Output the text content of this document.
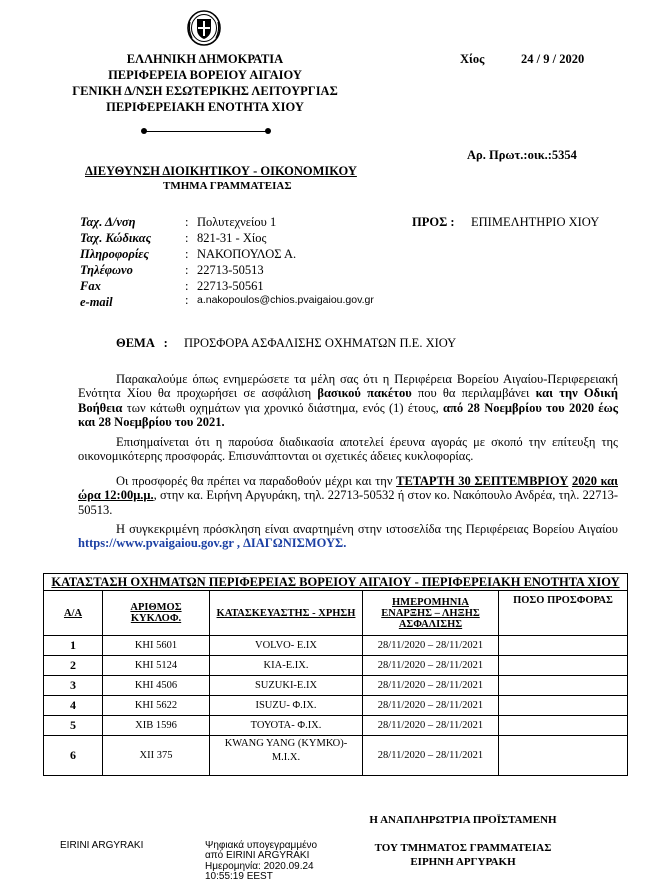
ΕΛΛΗΝΙΚΗ ΔΗΜΟΚΡΑΤΙΑ
ΠΕΡΙΦΕΡΕΙΑ ΒΟΡΕΙΟΥ ΑΙΓΑΙΟΥ
ΓΕΝΙΚΗ Δ/ΝΣΗ ΕΣΩΤΕΡΙΚΗΣ ΛΕΙΤΟΥΡΓΙΑΣ
ΠΕΡΙΦΕΡΕΙΑΚΗ ΕΝΟΤΗΤΑ ΧΙΟΥ
Χίος	24 / 9 / 2020
Αρ. Πρωτ.:οικ.:5354
ΔΙΕΥΘΥΝΣΗ ΔΙΟΙΚΗΤΙΚΟΥ - ΟΙΚΟΝΟΜΙΚΟΥ
ΤΜΗΜΑ ΓΡΑΜΜΑΤΕΙΑΣ
Ταχ. Δ/νση	: Πολυτεχνείου 1
Ταχ. Κώδικας	: 821-31 - Χίος
Πληροφορίες	: ΝΑΚΟΠΟΥΛΟΣ Α.
Τηλέφωνο	: 22713-50513
Fax	: 22713-50561
e-mail	: a.nakopoulos@chios.pvaigaiou.gov.gr
ΠΡΟΣ : ΕΠΙΜΕΛΗΤΗΡΙΟ ΧΙΟΥ
ΘΕΜΑ   : ΠΡΟΣΦΟΡΑ ΑΣΦΑΛΙΣΗΣ ΟΧΗΜΑΤΩΝ Π.Ε. ΧΙΟΥ

Παρακαλούμε όπως ενημερώσετε τα μέλη σας ότι η Περιφέρεια Βορείου Αιγαίου-Περιφερειακή Ενότητα Χίου θα προχωρήσει σε ασφάλιση βασικού πακέτου που θα περιλαμβάνει και την Οδική Βοήθεια των κάτωθι οχημάτων για χρονικό διάστημα, ενός (1) έτους, από 28 Νοεμβρίου του 2020 έως και 28 Νοεμβρίου του 2021.

Επισημαίνεται ότι η παρούσα διαδικασία αποτελεί έρευνα αγοράς με σκοπό την επίτευξη της οικονομικότερης προσφοράς. Επισυνάπτονται οι σχετικές άδειες κυκλοφορίας.

Οι προσφορές θα πρέπει να παραδοθούν μέχρι και την ΤΕΤΑΡΤΗ 30 ΣΕΠΤΕΜΒΡΙΟΥ 2020 και ώρα 12:00μ.μ., στην κα. Ειρήνη Αργυράκη, τηλ. 22713-50532 ή στον κο. Νακόπουλο Ανδρέα, τηλ. 22713-50513.

Η συγκεκριμένη πρόσκληση είναι αναρτημένη στην ιστοσελίδα της Περιφέρειας Βορείου Αιγαίου https://www.pvaigaiou.gov.gr , ΔΙΑΓΩΝΙΣΜΟΥΣ.

ΚΑΤΑΣΤΑΣΗ ΟΧΗΜΑΤΩΝ ΠΕΡΙΦΕΡΕΙΑΣ ΒΟΡΕΙΟΥ ΑΙΓΑΙΟΥ - ΠΕΡΙΦΕΡΕΙΑΚΗ ΕΝΟΤΗΤΑ ΧΙΟΥ				
Α/Α	ΑΡΙΘΜΟΣ ΚΥΚΛΟΦ.	ΚΑΤΑΣΚΕΥΑΣΤΗΣ - ΧΡΗΣΗ	ΗΜΕΡΟΜΗΝΙΑ ΕΝΑΡΞΗΣ – ΛΗΞΗΣ ΑΣΦΑΛΙΣΗΣ	ΠΟΣΟ ΠΡΟΣΦΟΡΑΣ
1	ΚΗΙ 5601	VOLVO- Ε.ΙΧ	28/11/2020 – 28/11/2021	
2	ΚΗΙ 5124	ΚΙΑ-Ε.ΙΧ.	28/11/2020 – 28/11/2021	
3	ΚΗΙ 4506	SUZUKI-Ε.ΙΧ	28/11/2020 – 28/11/2021	
4	ΚΗΙ 5622	ISUZU- Φ.ΙΧ.	28/11/2020 – 28/11/2021	
5	ΧΙΒ 1596	ΤΟΥΟΤΑ- Φ.ΙΧ.	28/11/2020 – 28/11/2021	
6	ΧΙΙ 375	KWANG YANG (ΚΥΜΚΟ)- Μ.Ι.Χ.	28/11/2020 – 28/11/2021	
Η ΑΝΑΠΛΗΡΩΤΡΙΑ ΠΡΟΪΣΤΑΜΕΝΗ
ΤΟΥ ΤΜΗΜΑΤΟΣ ΓΡΑΜΜΑΤΕΙΑΣ
ΕΙΡΗΝΗ ΑΡΓΥΡΑΚΗ
EIRINI ARGYRAKI	Ψηφιακά υπογεγραμμένο
από EIRINI ARGYRAKI
Ημερομηνία: 2020.09.24
10:55:19 EEST
